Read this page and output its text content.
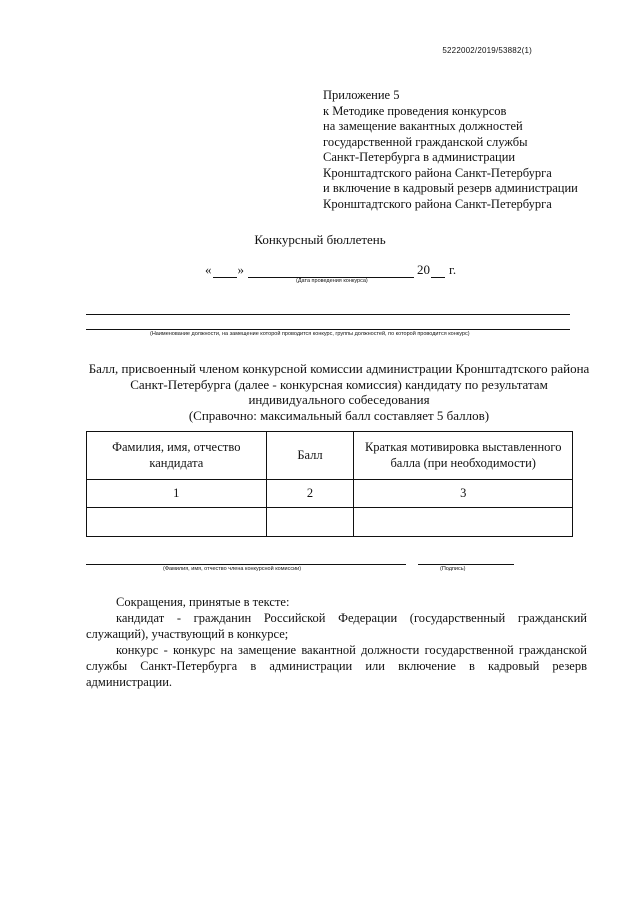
5222002/2019/53882(1)
Приложение 5
к Методике проведения конкурсов
на замещение вакантных должностей
государственной гражданской службы
Санкт-Петербурга в администрации
Кронштадтского района Санкт-Петербурга
и включение в кадровый резерв администрации
Кронштадтского района Санкт-Петербурга
Конкурсный бюллетень
« »	20 г.
(Дата проведения конкурса)
(Наименование должности, на замещение которой проводится конкурс, группы должностей, по которой проводится конкурс)
Балл, присвоенный членом конкурсной комиссии администрации Кронштадтского района
Санкт-Петербурга (далее - конкурсная комиссия) кандидату по результатам
индивидуального собеседования
(Справочно: максимальный балл составляет 5 баллов)
Фамилия, имя, отчество кандидата	Балл	Краткая мотивировка выставленного балла (при необходимости)
1	2	3

(Фамилия, имя, отчество члена конкурсной комиссии)	(Подпись)

Сокращения, принятые в тексте:

кандидат - гражданин Российской Федерации (государственный гражданский служащий), участвующий в конкурсе;

конкурс - конкурс на замещение вакантной должности государственной гражданской службы Санкт-Петербурга в администрации или включение в кадровый резерв администрации.
